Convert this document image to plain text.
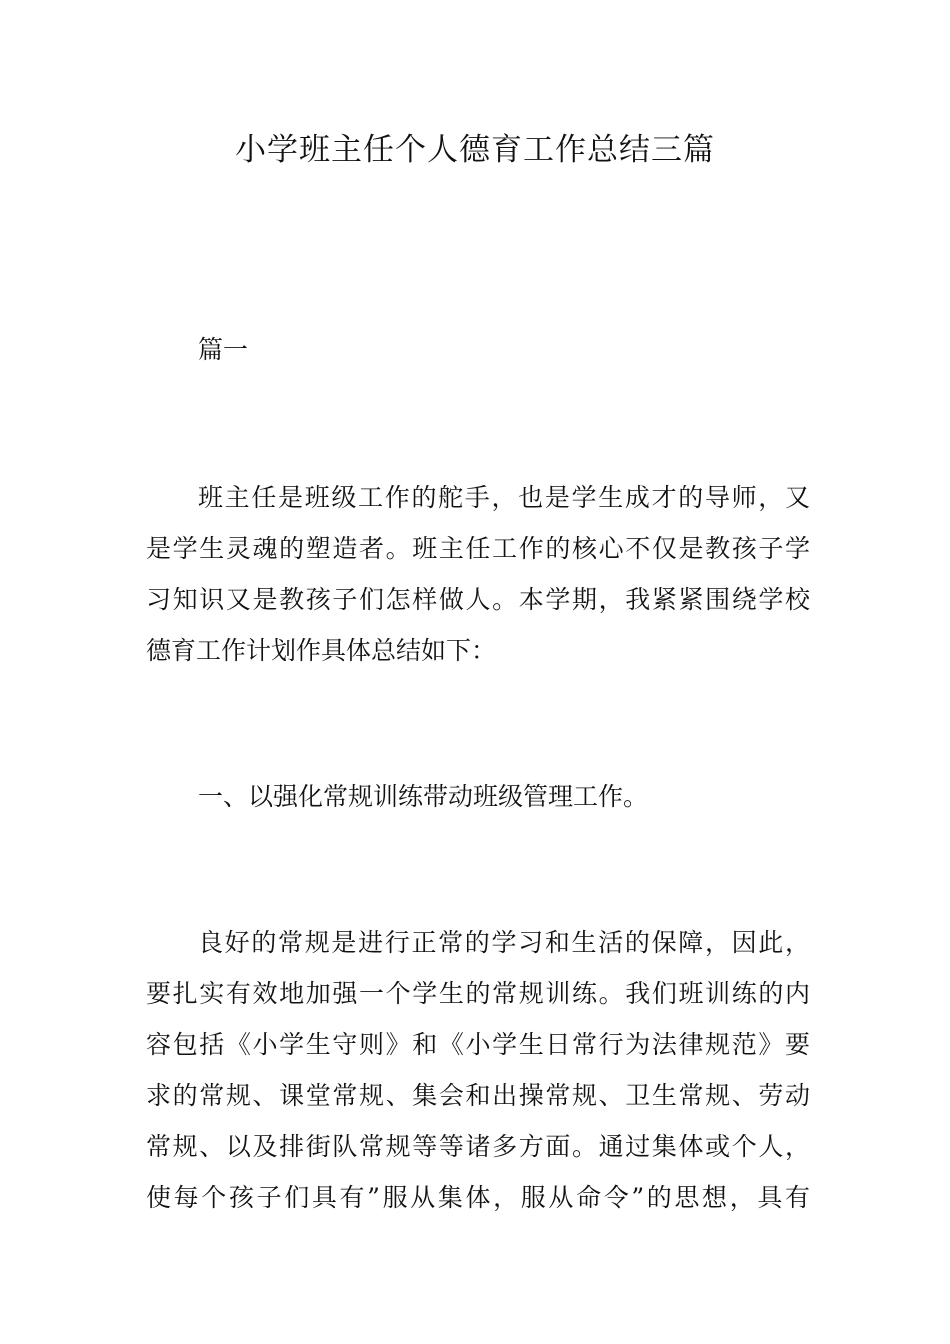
小学班主任个人德育工作总结三篇
篇一
班主任是班级工作的舵手，也是学生成才的导师，又
是学生灵魂的塑造者。班主任工作的核心不仅是教孩子学
习知识又是教孩子们怎样做人。本学期，我紧紧围绕学校
德育工作计划作具体总结如下：
一、以强化常规训练带动班级管理工作。
良好的常规是进行正常的学习和生活的保障，因此，
要扎实有效地加强一个学生的常规训练。我们班训练的内
容包括《小学生守则》和《小学生日常行为法律规范》要
求的常规、课堂常规、集会和出操常规、卫生常规、劳动
常规、以及排街队常规等等诸多方面。通过集体或个人，
使每个孩子们具有”服从集体，服从命令”的思想，具有
